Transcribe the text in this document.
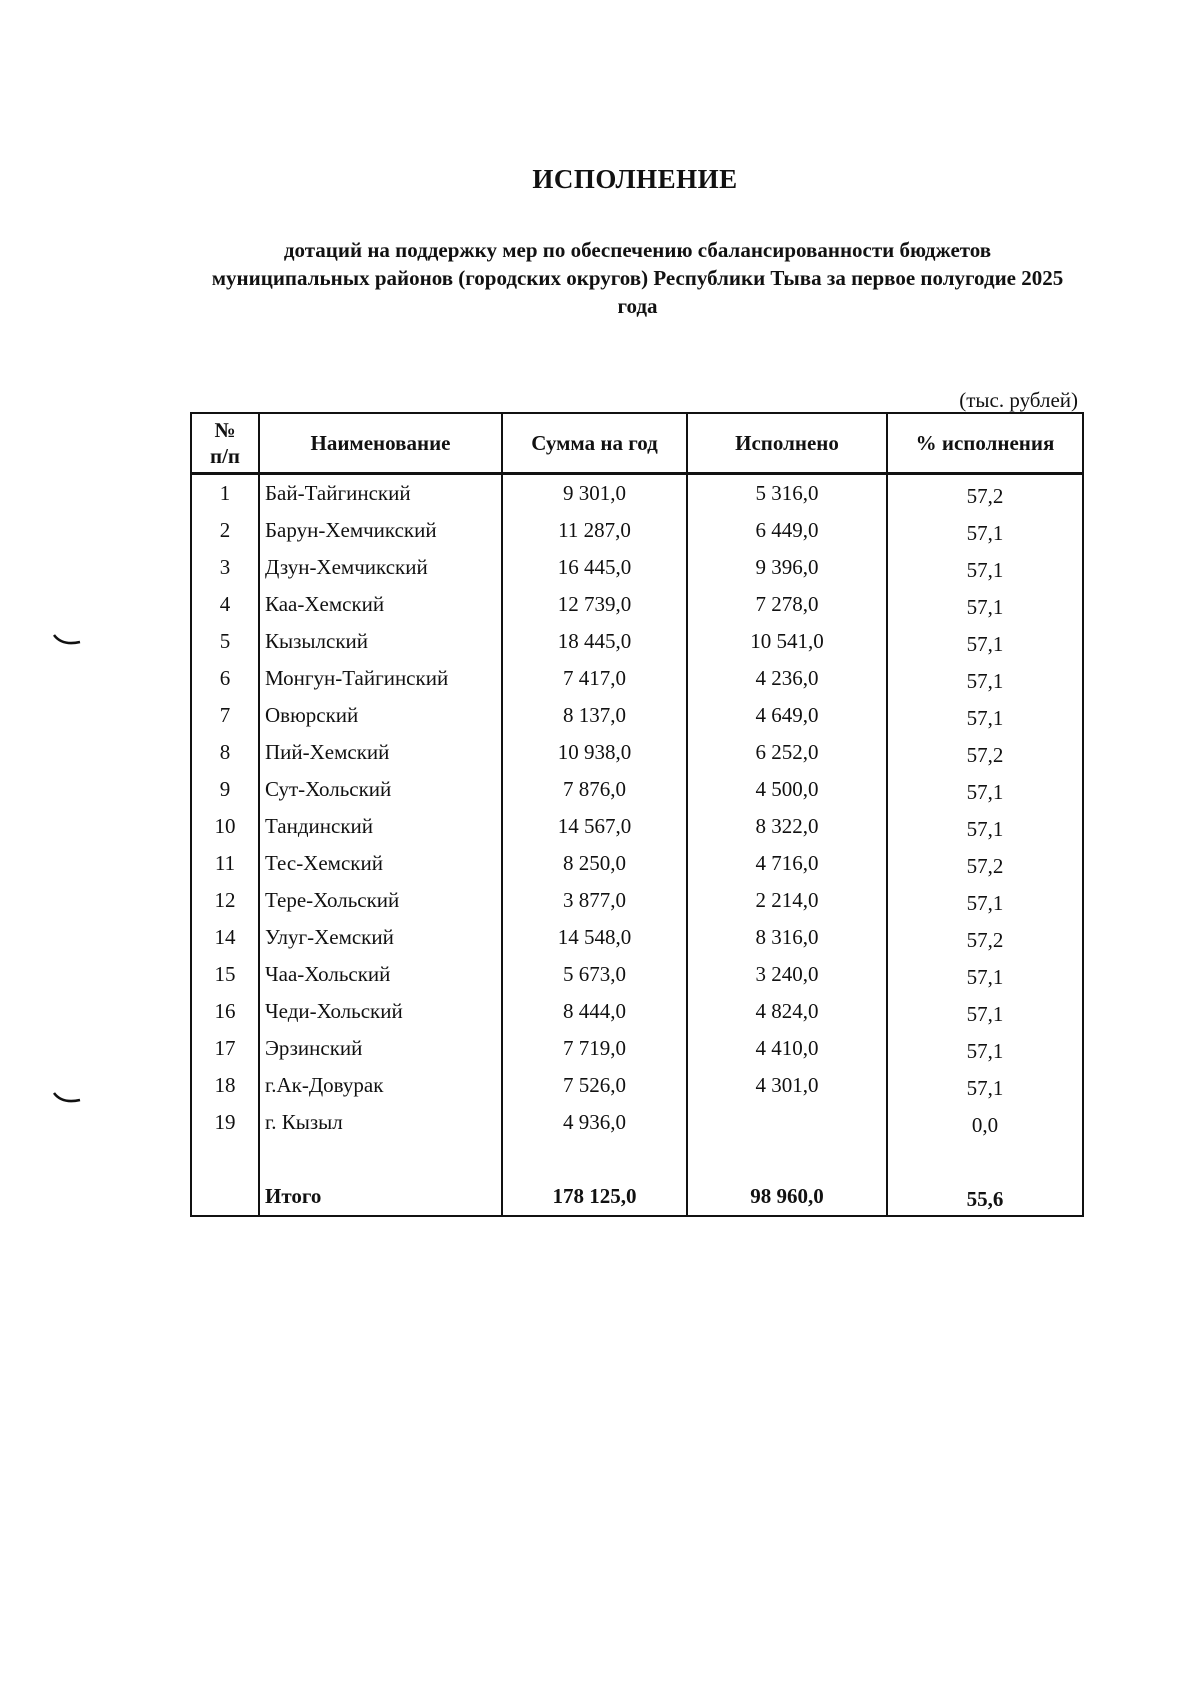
ИСПОЛНЕНИЕ
дотаций на поддержку мер по обеспечению сбалансированности бюджетов муниципальных районов (городских округов) Республики Тыва за первое полугодие 2025 года
(тыс. рублей)
№
п/п	Наименование	Сумма на год	Исполнено	% исполнения
1	Бай-Тайгинский	9 301,0	5 316,0	57,2
2	Барун-Хемчикский	11 287,0	6 449,0	57,1
3	Дзун-Хемчикский	16 445,0	9 396,0	57,1
4	Каа-Хемский	12 739,0	7 278,0	57,1
5	Кызылский	18 445,0	10 541,0	57,1
6	Монгун-Тайгинский	7 417,0	4 236,0	57,1
7	Овюрский	8 137,0	4 649,0	57,1
8	Пий-Хемский	10 938,0	6 252,0	57,2
9	Сут-Хольский	7 876,0	4 500,0	57,1
10	Тандинский	14 567,0	8 322,0	57,1
11	Тес-Хемский	8 250,0	4 716,0	57,2
12	Тере-Хольский	3 877,0	2 214,0	57,1
14	Улуг-Хемский	14 548,0	8 316,0	57,2
15	Чаа-Хольский	5 673,0	3 240,0	57,1
16	Чеди-Хольский	8 444,0	4 824,0	57,1
17	Эрзинский	7 719,0	4 410,0	57,1
18	г.Ак-Довурак	7 526,0	4 301,0	57,1
19	г. Кызыл	4 936,0		0,0

	Итого	178 125,0	98 960,0	55,6
